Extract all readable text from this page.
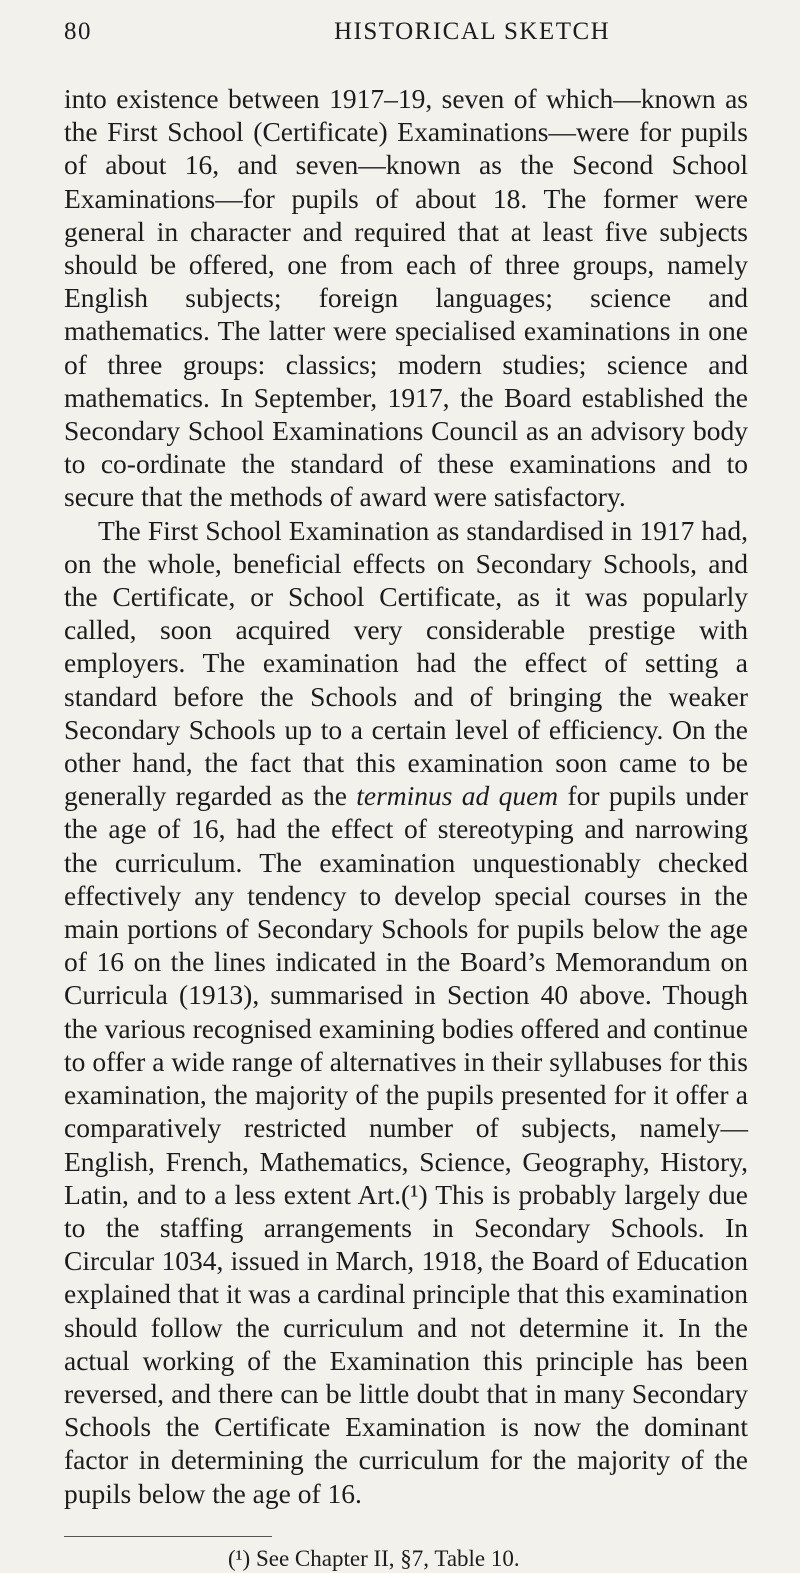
80	HISTORICAL SKETCH

into existence between 1917–19, seven of which—known as the First School (Certificate) Examinations—were for pupils of about 16, and seven—known as the Second School Examinations—for pupils of about 18. The former were general in character and required that at least five subjects should be offered, one from each of three groups, namely English subjects; foreign languages; science and mathematics. The latter were specialised examinations in one of three groups: classics; modern studies; science and mathematics. In September, 1917, the Board established the Secondary School Examinations Council as an advisory body to co-ordinate the standard of these examinations and to secure that the methods of award were satisfactory.

The First School Examination as standardised in 1917 had, on the whole, beneficial effects on Secondary Schools, and the Certificate, or School Certificate, as it was popularly called, soon acquired very considerable prestige with employers. The examination had the effect of setting a standard before the Schools and of bringing the weaker Secondary Schools up to a certain level of efficiency. On the other hand, the fact that this examination soon came to be generally regarded as the terminus ad quem for pupils under the age of 16, had the effect of stereotyping and narrowing the curriculum. The examination unquestionably checked effectively any tendency to develop special courses in the main portions of Secondary Schools for pupils below the age of 16 on the lines indicated in the Board’s Memorandum on Curricula (1913), summarised in Section 40 above. Though the various recognised examining bodies offered and continue to offer a wide range of alternatives in their syllabuses for this examination, the majority of the pupils presented for it offer a comparatively restricted number of subjects, namely—English, French, Mathematics, Science, Geography, History, Latin, and to a less extent Art.(¹) This is probably largely due to the staffing arrangements in Secondary Schools. In Circular 1034, issued in March, 1918, the Board of Education explained that it was a cardinal principle that this examination should follow the curriculum and not determine it. In the actual working of the Examination this principle has been reversed, and there can be little doubt that in many Secondary Schools the Certificate Examination is now the dominant factor in determining the curriculum for the majority of the pupils below the age of 16.

(¹) See Chapter II, §7, Table 10.
